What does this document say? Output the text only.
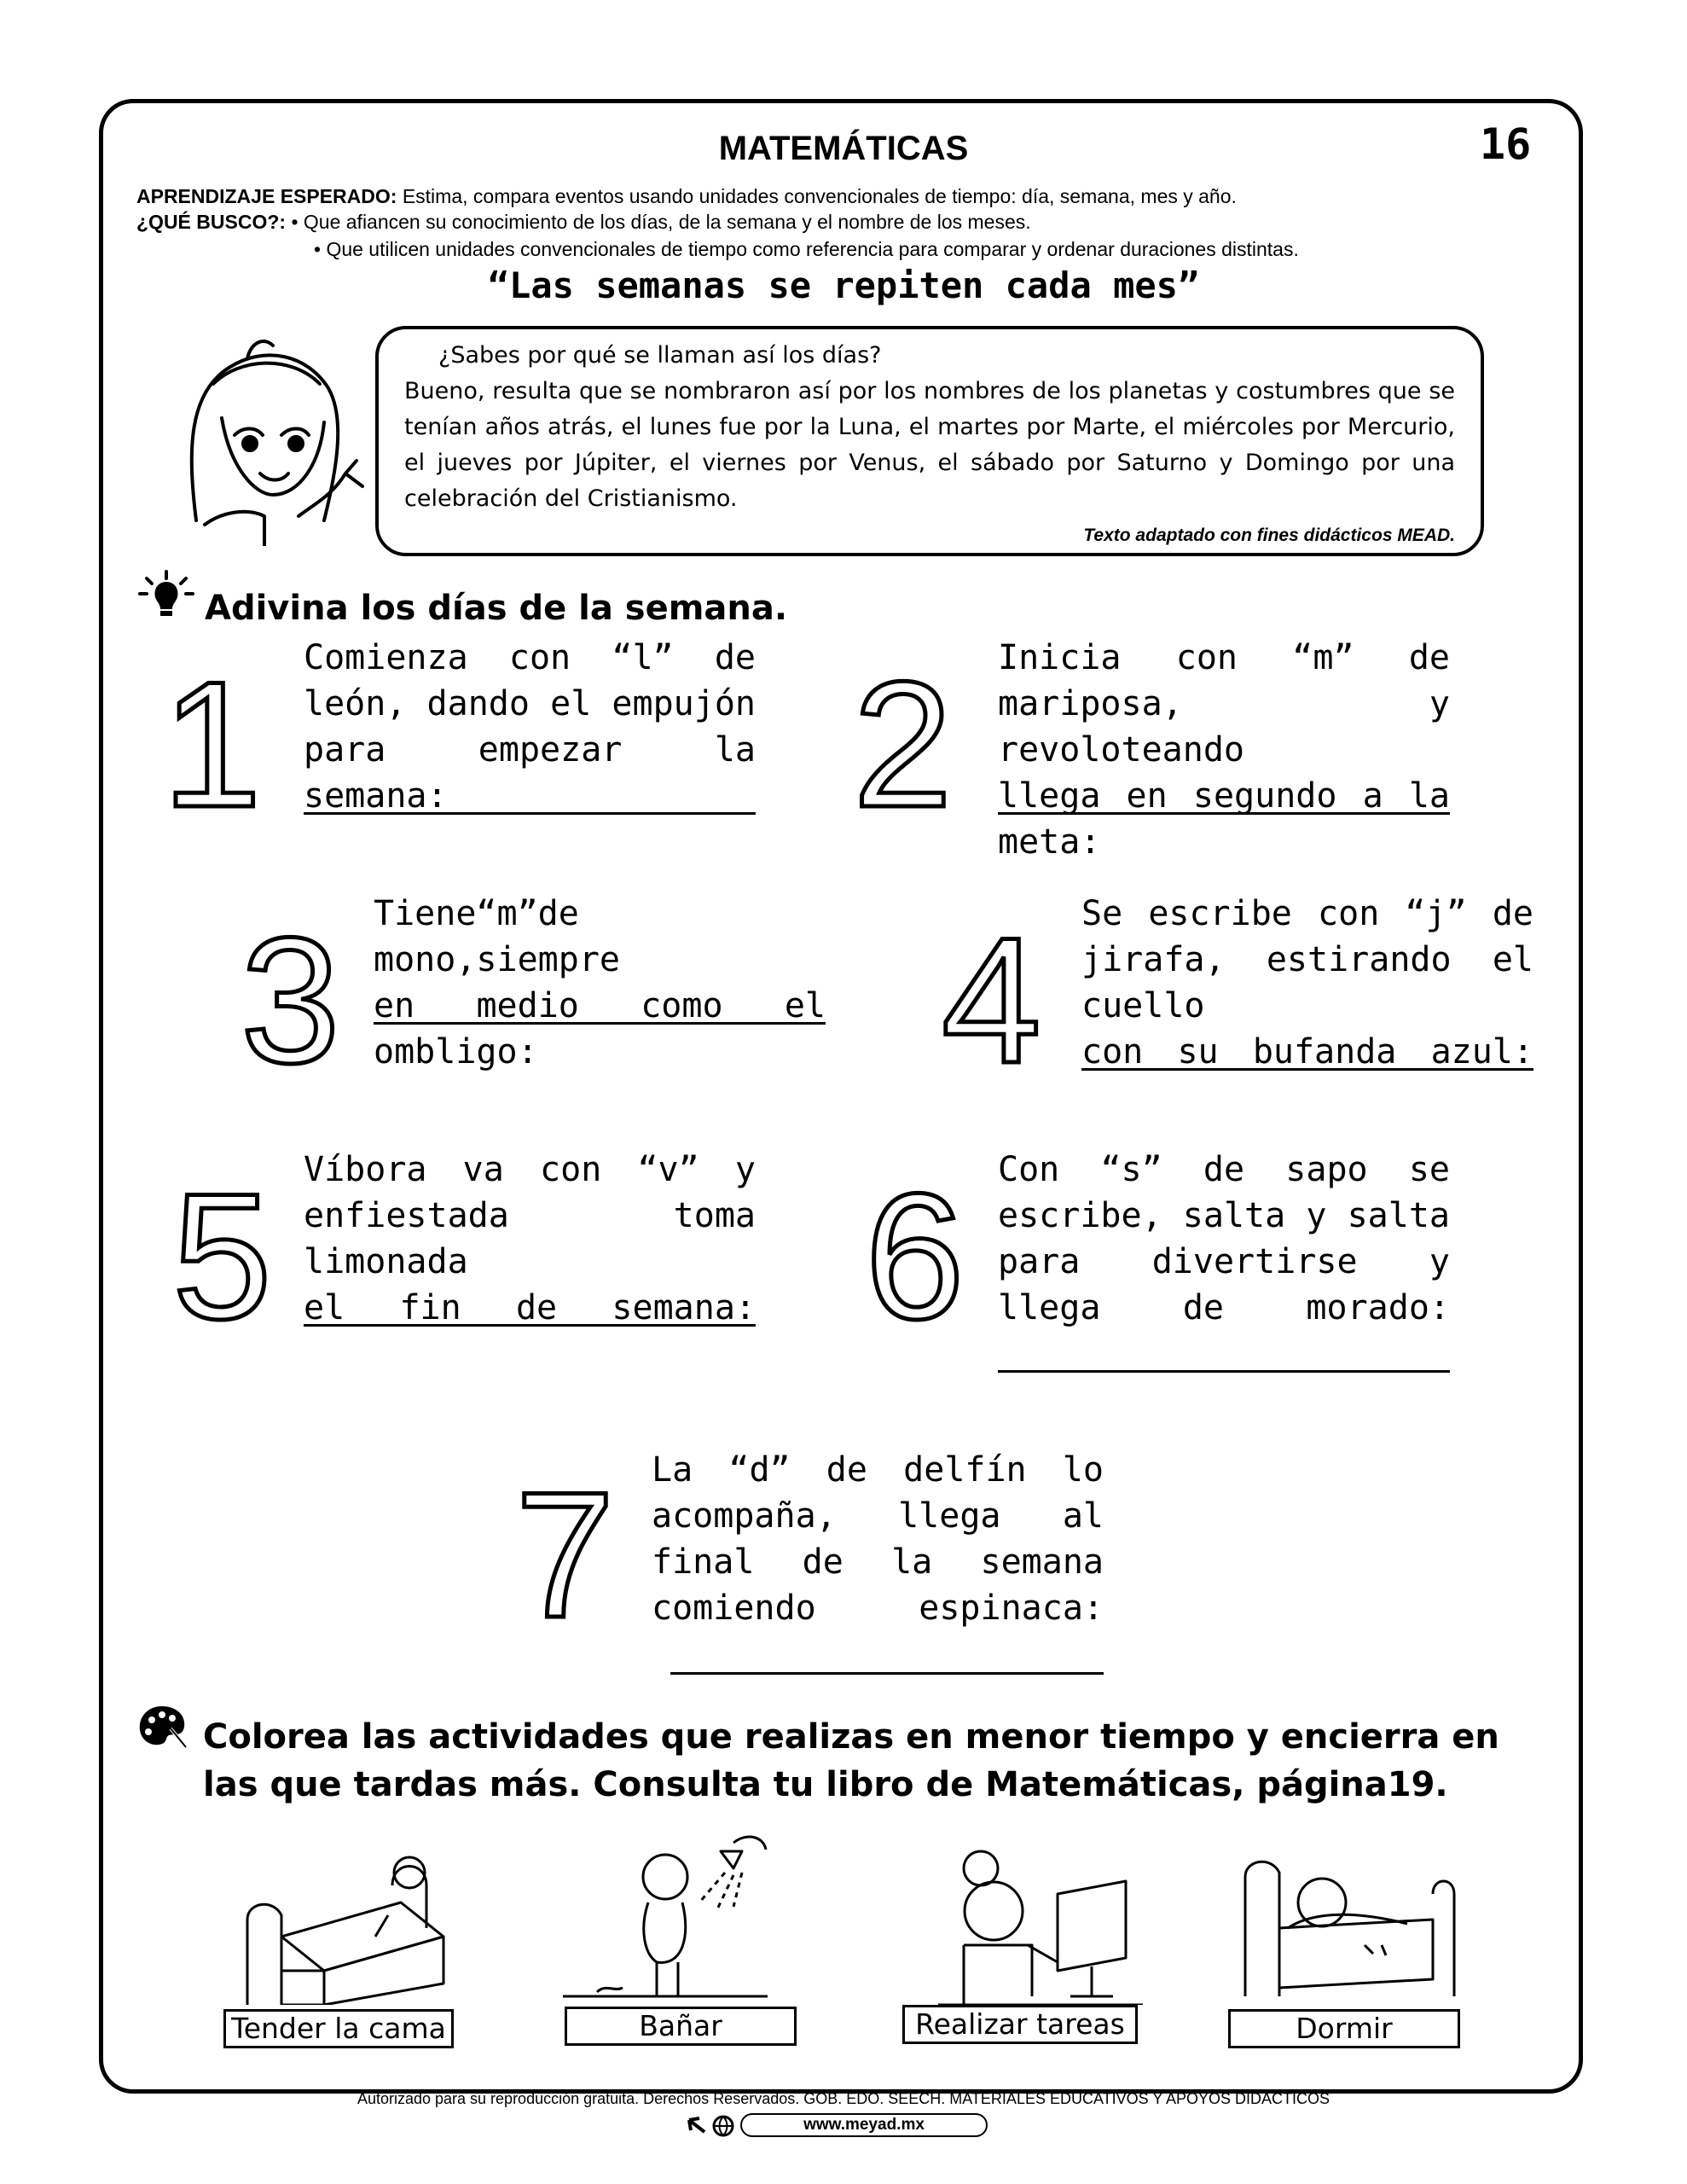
16
MATEMÁTICAS
APRENDIZAJE ESPERADO: Estima, compara eventos usando unidades convencionales de tiempo: día, semana, mes y año.
¿QUÉ BUSCO?: • Que afiancen su conocimiento de los días, de la semana y el nombre de los meses.
• Que utilicen unidades convencionales de tiempo como referencia para comparar y ordenar duraciones distintas.
“Las semanas se repiten cada mes”
¿Sabes por qué se llaman así los días?
Bueno, resulta que se nombraron así por los nombres de los planetas y costumbres que se tenían años atrás, el lunes fue por la Luna, el martes por Marte, el miércoles por Mercurio, el jueves por Júpiter, el viernes por Venus, el sábado por Saturno y Domingo por una celebración del Cristianismo.
Texto adaptado con fines didácticos MEAD.
Adivina los días de la semana.
1	2
3	4
5	6
7
Comienza con “l” de
león, dando el empujón
para empezar la semana:
Inicia con “m” de
mariposa, y revoloteando
llega en segundo a la meta:
Tiene“m”de mono,siempre
en medio como el ombligo:
Se escribe con “j” de
jirafa, estirando el cuello
con su bufanda azul:
Víbora va con “v” y
enfiestada toma limonada
el fin de semana:
Con “s” de sapo se
escribe, salta y salta
para divertirse y
llega de morado:
La “d” de delfín lo
acompaña, llega al
final de la semana
comiendo espinaca:
Colorea las actividades que realizas en menor tiempo y encierra en
las que tardas más. Consulta tu libro de Matemáticas, página19.
Tender la cama	Bañar	Realizar tareas	Dormir
Autorizado para su reproducción gratuita. Derechos Reservados. GOB. EDO. SEECH. MATERIALES EDUCATIVOS Y APOYOS DIDÁCTICOS
www.meyad.mx
